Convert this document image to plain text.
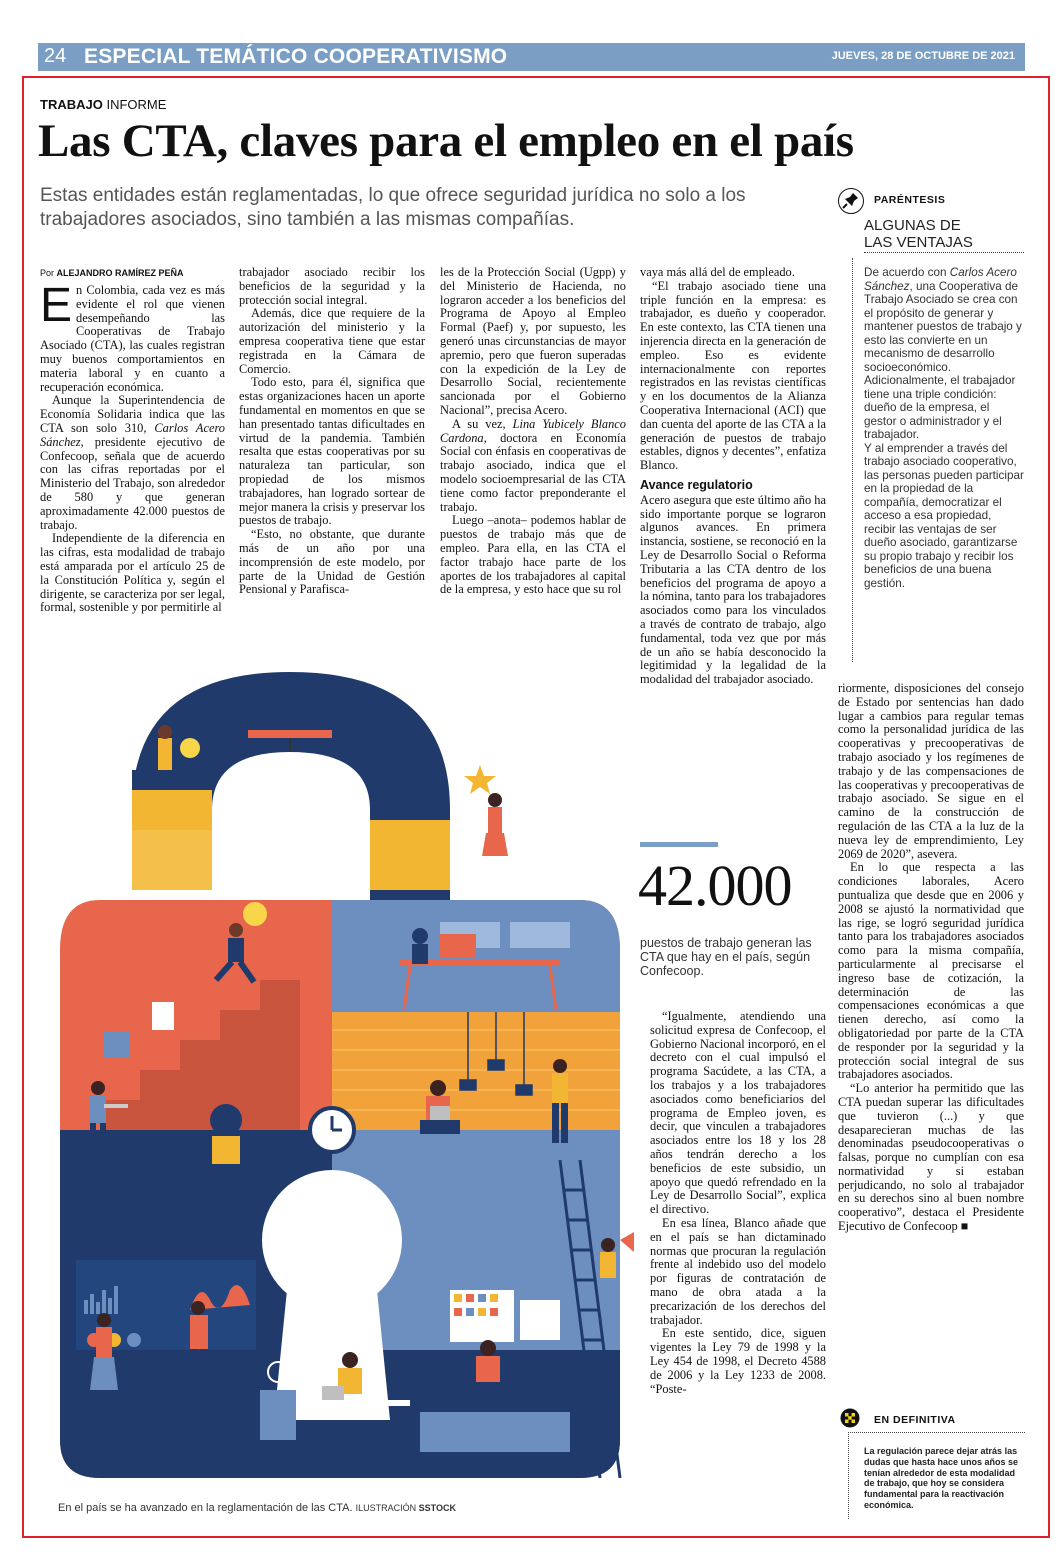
24 ESPECIAL TEMÁTICO COOPERATIVISMO	JUEVES, 28 DE OCTUBRE DE 2021
TRABAJO INFORME
Las CTA, claves para el empleo en el país
Estas entidades están reglamentadas, lo que ofrece seguridad jurídica no solo a los trabajadores asociados, sino también a las mismas compañías.
Por ALEJANDRO RAMÍREZ PEÑA

En Colombia, cada vez es más evidente el rol que vienen desempeñando las Cooperativas de Trabajo Asociado (CTA), las cuales registran muy buenos comportamientos en materia laboral y en cuanto a recuperación económica.

Aunque la Superintendencia de Economía Solidaria indica que las CTA son solo 310, Carlos Acero Sánchez, presidente ejecutivo de Confecoop, señala que de acuerdo con las cifras reportadas por el Ministerio del Trabajo, son alrededor de 580 y que generan aproximadamente 42.000 puestos de trabajo.

Independiente de la diferencia en las cifras, esta modalidad de trabajo está amparada por el artículo 25 de la Constitución Política y, según el dirigente, se caracteriza por ser legal, formal, sostenible y por permitirle al

trabajador asociado recibir los beneficios de la seguridad y la protección social integral.

Además, dice que requiere de la autorización del ministerio y la empresa cooperativa tiene que estar registrada en la Cámara de Comercio.

Todo esto, para él, significa que estas organizaciones hacen un aporte fundamental en momentos en que se han presentado tantas dificultades en virtud de la pandemia. También resalta que estas cooperativas por su naturaleza tan particular, son propiedad de los mismos trabajadores, han logrado sortear de mejor manera la crisis y preservar los puestos de trabajo.

“Esto, no obstante, que durante más de un año por una incomprensión de este modelo, por parte de la Unidad de Gestión Pensional y Parafisca-

les de la Protección Social (Ugpp) y del Ministerio de Hacienda, no lograron acceder a los beneficios del Programa de Apoyo al Empleo Formal (Paef) y, por supuesto, les generó unas circunstancias de mayor apremio, pero que fueron superadas con la expedición de la Ley de Desarrollo Social, recientemente sancionada por el Gobierno Nacional”, precisa Acero.

A su vez, Lina Yubicely Blanco Cardona, doctora en Economía Social con énfasis en cooperativas de trabajo asociado, indica que el modelo socioempresarial de las CTA tiene como factor preponderante el trabajo.

Luego –anota– podemos hablar de puestos de trabajo más que de empleo. Para ella, en las CTA el factor trabajo hace parte de los aportes de los trabajadores al capital de la empresa, y esto hace que su rol

vaya más allá del de empleado.

“El trabajo asociado tiene una triple función en la empresa: es trabajador, es dueño y cooperador. En este contexto, las CTA tienen una injerencia directa en la generación de empleo. Eso es evidente internacionalmente con reportes registrados en las revistas científicas y en los documentos de la Alianza Cooperativa Internacional (ACI) que dan cuenta del aporte de las CTA a la generación de puestos de trabajo estables, dignos y decentes”, enfatiza Blanco.

Avance regulatorio

Acero asegura que este último año ha sido importante porque se lograron algunos avances. En primera instancia, sostiene, se reconoció en la Ley de Desarrollo Social o Reforma Tributaria a las CTA dentro de los beneficios del programa de apoyo a la nómina, tanto para los trabajadores asociados como para los vinculados a través de contrato de trabajo, algo fundamental, toda vez que por más de un año se había desconocido la legitimidad y la legalidad de la modalidad del trabajador asociado.

42.000
puestos de trabajo generan las CTA que hay en el país, según Confecoop.

“Igualmente, atendiendo una solicitud expresa de Confecoop, el Gobierno Nacional incorporó, en el decreto con el cual impulsó el programa Sacúdete, a las CTA, a los trabajos y a los trabajadores asociados como beneficiarios del programa de Empleo joven, es decir, que vinculen a trabajadores asociados entre los 18 y los 28 años tendrán derecho a los beneficios de este subsidio, un apoyo que quedó refrendado en la Ley de Desarrollo Social”, explica el directivo.

En esa línea, Blanco añade que en el país se han dictaminado normas que procuran la regulación frente al indebido uso del modelo por figuras de contratación de mano de obra atada a la precarización de los derechos del trabajador.

En este sentido, dice, siguen vigentes la Ley 79 de 1998 y la Ley 454 de 1998, el Decreto 4588 de 2006 y la Ley 1233 de 2008. “Poste-

riormente, disposiciones del consejo de Estado por sentencias han dado lugar a cambios para regular temas como la personalidad jurídica de las cooperativas y precooperativas de trabajo asociado y los regímenes de trabajo y de las compensaciones de las cooperativas y precooperativas de trabajo asociado. Se sigue en el camino de la construcción de regulación de las CTA a la luz de la nueva ley de emprendimiento, Ley 2069 de 2020”, asevera.

En lo que respecta a las condiciones laborales, Acero puntualiza que desde que en 2006 y 2008 se ajustó la normatividad que las rige, se logró seguridad jurídica tanto para los trabajadores asociados como para la misma compañía, particularmente al precisarse el ingreso base de cotización, la determinación de las compensaciones económicas a que tienen derecho, así como la obligatoriedad por parte de la CTA de responder por la seguridad y la protección social integral de sus trabajadores asociados.

“Lo anterior ha permitido que las CTA puedan superar las dificultades que tuvieron (...) y que desaparecieran muchas de las denominadas pseudocooperativas o falsas, porque no cumplían con esa normatividad y si estaban perjudicando, no solo al trabajador en su derechos sino al buen nombre cooperativo”, destaca el Presidente Ejecutivo de Confecoop ■

PARÉNTESIS
ALGUNAS DE
LAS VENTAJAS

De acuerdo con Carlos Acero Sánchez, una Cooperativa de Trabajo Asociado se crea con el propósito de generar y mantener puestos de trabajo y esto las convierte en un mecanismo de desarrollo socioeconómico. Adicionalmente, el trabajador tiene una triple condición: dueño de la empresa, el gestor o administrador y el trabajador.

Y al emprender a través del trabajo asociado cooperativo, las personas pueden participar en la propiedad de la compañía, democratizar el acceso a esa propiedad, recibir las ventajas de ser dueño asociado, garantizarse su propio trabajo y recibir los beneficios de una buena gestión.

EN DEFINITIVA
La regulación parece dejar atrás las dudas que hasta hace unos años se tenían alrededor de esta modalidad de trabajo, que hoy se considera fundamental para la reactivación económica.
En el país se ha avanzado en la reglamentación de las CTA. ILUSTRACIÓN SSTOCK
